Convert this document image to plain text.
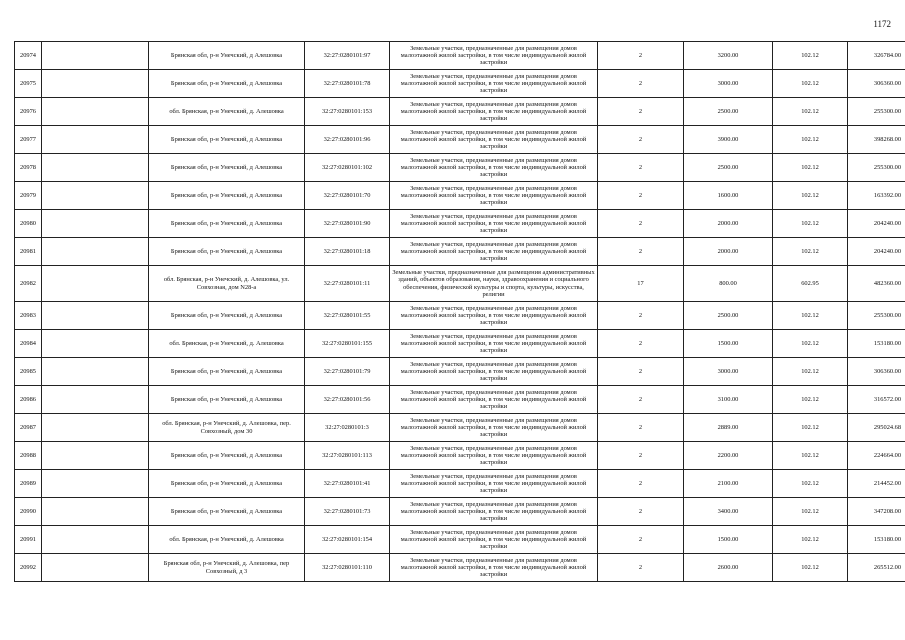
1172
20974		Брянская обл, р-н Унечский, д Алешовка	32:27:0280101:97	Земельные участки, предназначенные для размещения домов малоэтажной жилой застройки, в том числе индивидуальной жилой застройки	2	3200.00	102.12	326784.00
20975		Брянская обл, р-н Унечский, д Алешовка	32:27:0280101:78	Земельные участки, предназначенные для размещения домов малоэтажной жилой застройки, в том числе индивидуальной жилой застройки	2	3000.00	102.12	306360.00
20976		обл. Брянская, р-н Унечский, д. Алешовка	32:27:0280101:153	Земельные участки, предназначенные для размещения домов малоэтажной жилой застройки, в том числе индивидуальной жилой застройки	2	2500.00	102.12	255300.00
20977		Брянская обл, р-н Унечский, д Алешовка	32:27:0280101:96	Земельные участки, предназначенные для размещения домов малоэтажной жилой застройки, в том числе индивидуальной жилой застройки	2	3900.00	102.12	398268.00
20978		Брянская обл, р-н Унечский, д Алешовка	32:27:0280101:102	Земельные участки, предназначенные для размещения домов малоэтажной жилой застройки, в том числе индивидуальной жилой застройки	2	2500.00	102.12	255300.00
20979		Брянская обл, р-н Унечский, д Алешовка	32:27:0280101:70	Земельные участки, предназначенные для размещения домов малоэтажной жилой застройки, в том числе индивидуальной жилой застройки	2	1600.00	102.12	163392.00
20980		Брянская обл, р-н Унечский, д Алешовка	32:27:0280101:90	Земельные участки, предназначенные для размещения домов малоэтажной жилой застройки, в том числе индивидуальной жилой застройки	2	2000.00	102.12	204240.00
20981		Брянская обл, р-н Унечский, д Алешовка	32:27:0280101:18	Земельные участки, предназначенные для размещения домов малоэтажной жилой застройки, в том числе индивидуальной жилой застройки	2	2000.00	102.12	204240.00
20982		обл. Брянская, р-н Унечский, д. Алешовка, ул. Совхозная, дом N28-а	32:27:0280101:11	Земельные участки, предназначенные для размещения административных зданий, объектов образования, науки, здравоохранения и социального обеспечения, физической культуры и спорта, культуры, искусства, религии	17	800.00	602.95	482360.00
20983		Брянская обл, р-н Унечский, д Алешовка	32:27:0280101:55	Земельные участки, предназначенные для размещения домов малоэтажной жилой застройки, в том числе индивидуальной жилой застройки	2	2500.00	102.12	255300.00
20984		обл. Брянская, р-н Унечский, д. Алешовка	32:27:0280101:155	Земельные участки, предназначенные для размещения домов малоэтажной жилой застройки, в том числе индивидуальной жилой застройки	2	1500.00	102.12	153180.00
20985		Брянская обл, р-н Унечский, д Алешовка	32:27:0280101:79	Земельные участки, предназначенные для размещения домов малоэтажной жилой застройки, в том числе индивидуальной жилой застройки	2	3000.00	102.12	306360.00
20986		Брянская обл, р-н Унечский, д Алешовка	32:27:0280101:56	Земельные участки, предназначенные для размещения домов малоэтажной жилой застройки, в том числе индивидуальной жилой застройки	2	3100.00	102.12	316572.00
20987		обл. Брянская, р-н Унечский, д. Алешовка, пер. Совхозный, дом 30	32:27:0280101:3	Земельные участки, предназначенные для размещения домов малоэтажной жилой застройки, в том числе индивидуальной жилой застройки	2	2889.00	102.12	295024.68
20988		Брянская обл, р-н Унечский, д Алешовка	32:27:0280101:113	Земельные участки, предназначенные для размещения домов малоэтажной жилой застройки, в том числе индивидуальной жилой застройки	2	2200.00	102.12	224664.00
20989		Брянская обл, р-н Унечский, д Алешовка	32:27:0280101:41	Земельные участки, предназначенные для размещения домов малоэтажной жилой застройки, в том числе индивидуальной жилой застройки	2	2100.00	102.12	214452.00
20990		Брянская обл, р-н Унечский, д Алешовка	32:27:0280101:73	Земельные участки, предназначенные для размещения домов малоэтажной жилой застройки, в том числе индивидуальной жилой застройки	2	3400.00	102.12	347208.00
20991		обл. Брянская, р-н Унечский, д. Алешовка	32:27:0280101:154	Земельные участки, предназначенные для размещения домов малоэтажной жилой застройки, в том числе индивидуальной жилой застройки	2	1500.00	102.12	153180.00
20992		Брянская обл, р-н Унечский, д. Алешовка, пер Совхозный, д 3	32:27:0280101:110	Земельные участки, предназначенные для размещения домов малоэтажной жилой застройки, в том числе индивидуальной жилой застройки	2	2600.00	102.12	265512.00
